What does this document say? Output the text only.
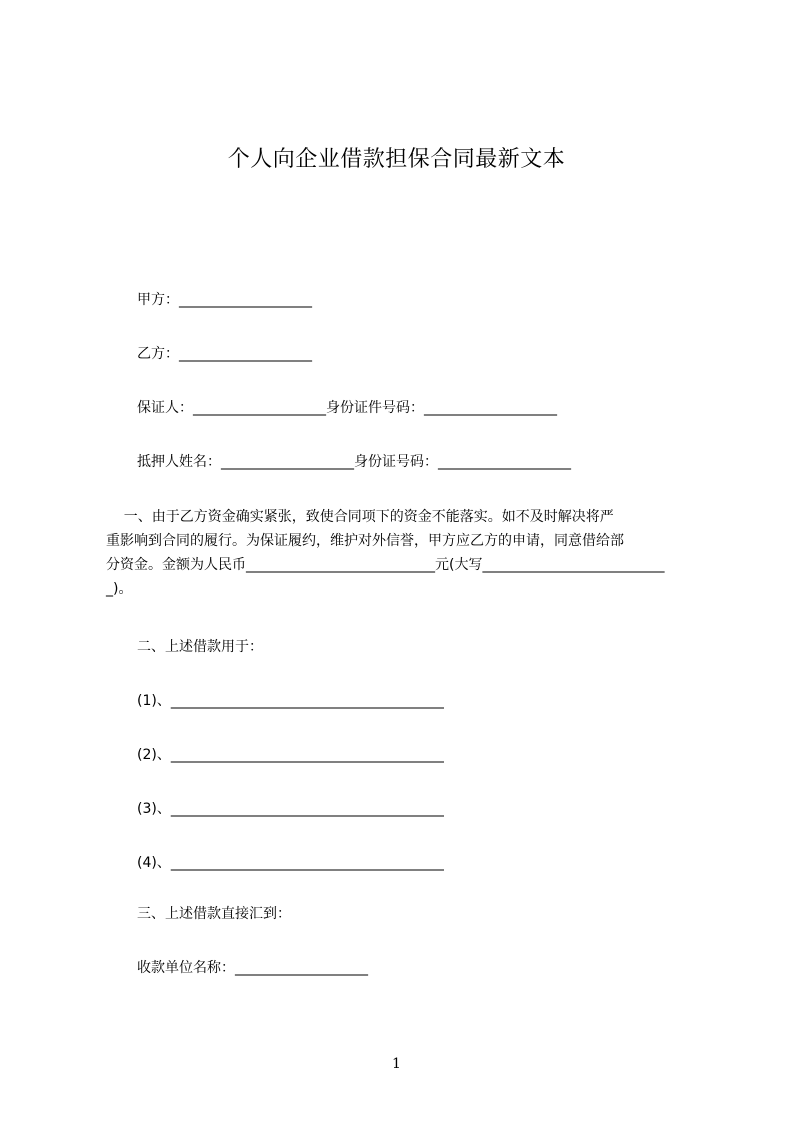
个人向企业借款担保合同最新文本
甲方：___________________
乙方：___________________
保证人：___________________身份证件号码：___________________
抵押人姓名：___________________身份证号码：___________________
一、由于乙方资金确实紧张，致使合同项下的资金不能落实。如不及时解决将严
重影响到合同的履行。为保证履约，维护对外信誉，甲方应乙方的申请，同意借给部
分资金。金额为人民币___________________________元(大写__________________________
_)。
二、上述借款用于：
(1)、_______________________________________
(2)、_______________________________________
(3)、_______________________________________
(4)、_______________________________________
三、上述借款直接汇到：
收款单位名称：___________________
1
